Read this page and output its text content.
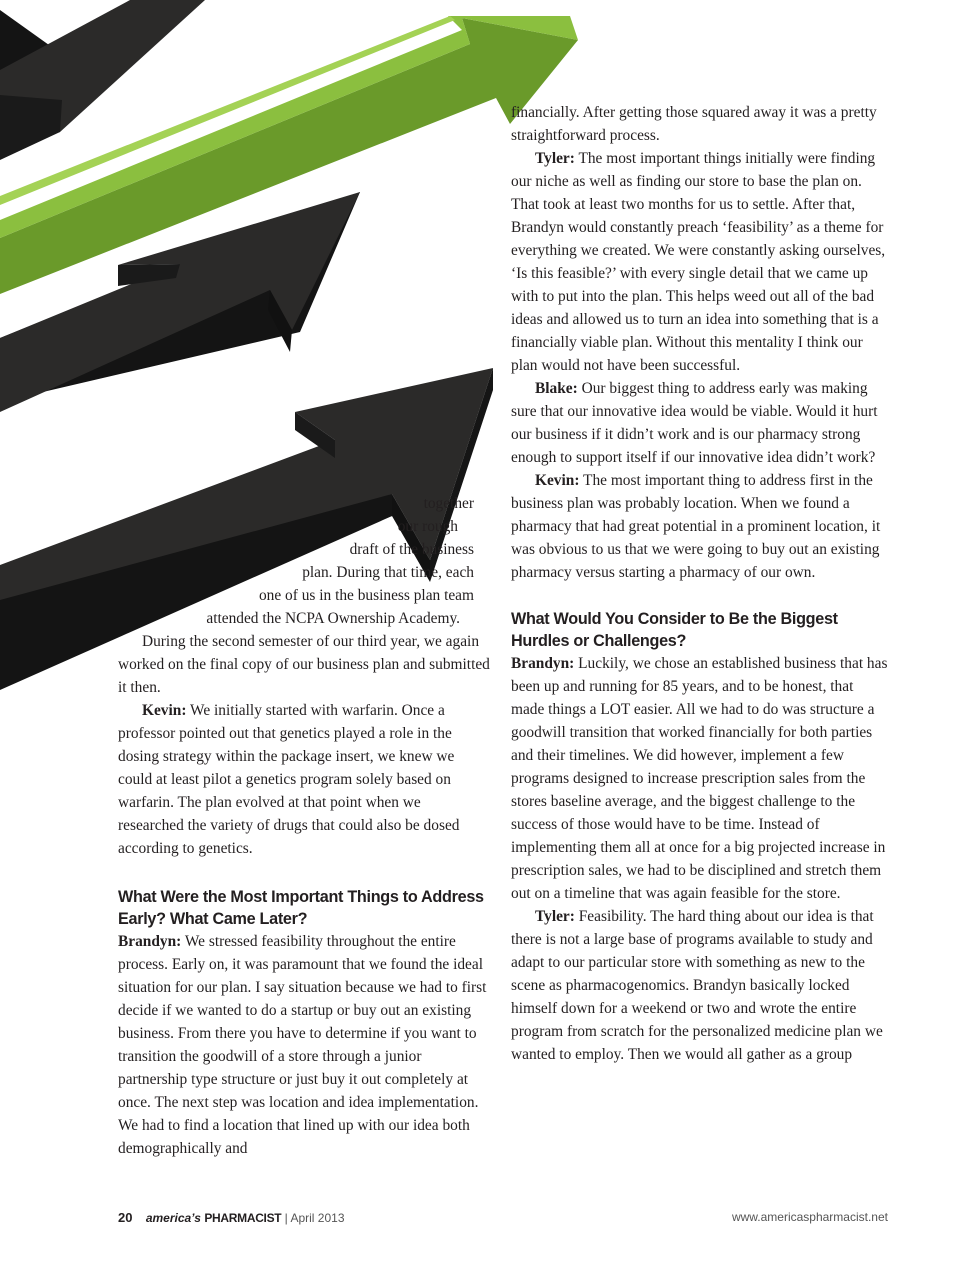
together

our rough

draft of the business

plan. During that time, each

one of us in the business plan team

attended the NCPA Ownership Academy.

During the second semester of our third year, we again worked on the final copy of our business plan and submitted it then.

Kevin: We initially started with warfarin. Once a professor pointed out that genetics played a role in the dosing strategy within the package insert, we knew we could at least pilot a genetics program solely based on warfarin. The plan evolved at that point when we researched the variety of drugs that could also be dosed according to genetics.

What Were the Most Important Things to Address Early? What Came Later?

Brandyn: We stressed feasibility throughout the entire process. Early on, it was paramount that we found the ideal situation for our plan. I say situation because we had to first decide if we wanted to do a startup or buy out an existing business. From there you have to determine if you want to transition the goodwill of a store through a junior partnership type structure or just buy it out completely at once. The next step was location and idea implementation. We had to find a location that lined up with our idea both demographically and

financially. After getting those squared away it was a pretty straightforward process.

Tyler: The most important things initially were finding our niche as well as finding our store to base the plan on. That took at least two months for us to settle. After that, Brandyn would constantly preach ‘feasibility’ as a theme for everything we created. We were constantly asking ourselves, ‘Is this feasible?’ with every single detail that we came up with to put into the plan. This helps weed out all of the bad ideas and allowed us to turn an idea into something that is a financially viable plan. Without this mentality I think our plan would not have been successful.

Blake: Our biggest thing to address early was making sure that our innovative idea would be viable. Would it hurt our business if it didn’t work and is our pharmacy strong enough to support itself if our innovative idea didn’t work?

Kevin: The most important thing to address first in the business plan was probably location. When we found a pharmacy that had great potential in a prominent location, it was obvious to us that we were going to buy out an existing pharmacy versus starting a pharmacy of our own.

What Would You Consider to Be the Biggest Hurdles or Challenges?

Brandyn: Luckily, we chose an established business that has been up and running for 85 years, and to be honest, that made things a LOT easier. All we had to do was structure a goodwill transition that worked financially for both parties and their timelines. We did however, implement a few programs designed to increase prescription sales from the stores baseline average, and the biggest challenge to the success of those would have to be time. Instead of implementing them all at once for a big projected increase in prescription sales, we had to be disciplined and stretch them out on a timeline that was again feasible for the store.

Tyler: Feasibility. The hard thing about our idea is that there is not a large base of programs available to study and adapt to our particular store with something as new to the scene as pharmacogenomics. Brandyn basically locked himself down for a weekend or two and wrote the entire program from scratch for the personalized medicine plan we wanted to employ. Then we would all gather as a group

20 america’s PHARMACIST | April 2013	www.americaspharmacist.net
